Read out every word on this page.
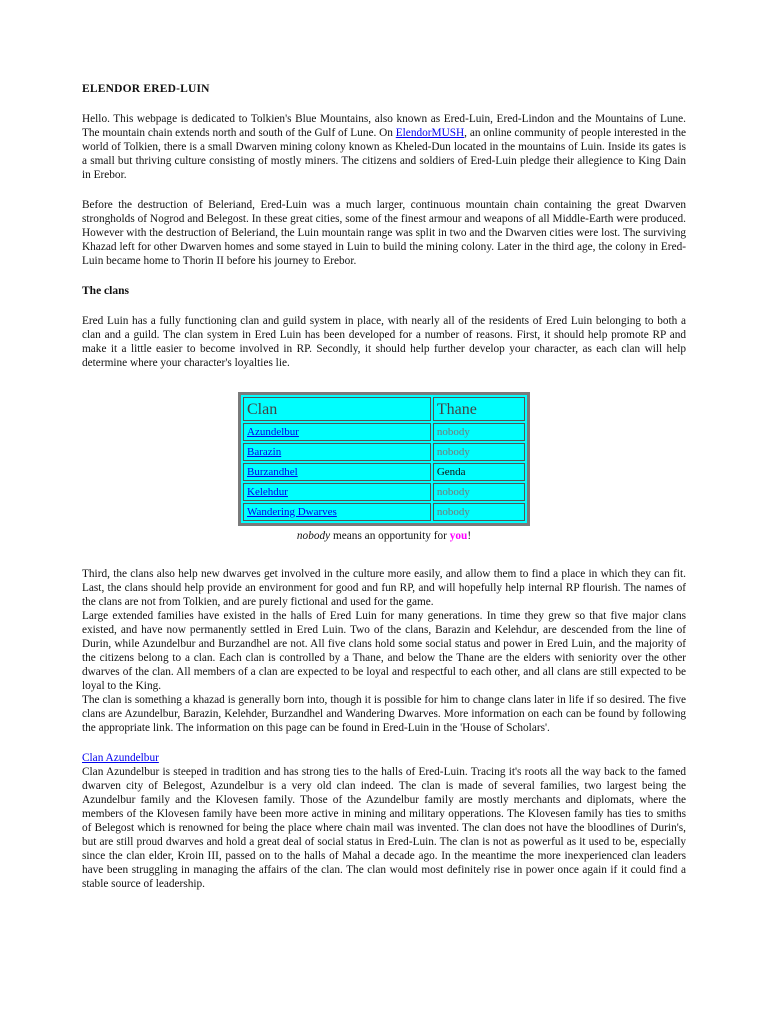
ELENDOR ERED-LUIN

Hello. This webpage is dedicated to Tolkien's Blue Mountains, also known as Ered-Luin, Ered-Lindon and the Mountains of Lune. The mountain chain extends north and south of the Gulf of Lune. On ElendorMUSH, an online community of people interested in the world of Tolkien, there is a small Dwarven mining colony known as Kheled-Dun located in the mountains of Luin. Inside its gates is a small but thriving culture consisting of mostly miners. The citizens and soldiers of Ered-Luin pledge their allegience to King Dain in Erebor.

Before the destruction of Beleriand, Ered-Luin was a much larger, continuous mountain chain containing the great Dwarven strongholds of Nogrod and Belegost. In these great cities, some of the finest armour and weapons of all Middle-Earth were produced. However with the destruction of Beleriand, the Luin mountain range was split in two and the Dwarven cities were lost. The surviving Khazad left for other Dwarven homes and some stayed in Luin to build the mining colony. Later in the third age, the colony in Ered-Luin became home to Thorin II before his journey to Erebor.

The clans

Ered Luin has a fully functioning clan and guild system in place, with nearly all of the residents of Ered Luin belonging to both a clan and a guild. The clan system in Ered Luin has been developed for a number of reasons. First, it should help promote RP and make it a little easier to become involved in RP. Secondly, it should help further develop your character, as each clan will help determine where your character's loyalties lie.

Clan	Thane
Azundelbur	nobody
Barazin	nobody
Burzandhel	Genda
Kelehdur	nobody
Wandering Dwarves	nobody
nobody means an opportunity for you!

Third, the clans also help new dwarves get involved in the culture more easily, and allow them to find a place in which they can fit. Last, the clans should help provide an environment for good and fun RP, and will hopefully help internal RP flourish. The names of the clans are not from Tolkien, and are purely fictional and used for the game.

Large extended families have existed in the halls of Ered Luin for many generations. In time they grew so that five major clans existed, and have now permanently settled in Ered Luin. Two of the clans, Barazin and Kelehdur, are descended from the line of Durin, while Azundelbur and Burzandhel are not. All five clans hold some social status and power in Ered Luin, and the majority of the citizens belong to a clan. Each clan is controlled by a Thane, and below the Thane are the elders with seniority over the other dwarves of the clan. All members of a clan are expected to be loyal and respectful to each other, and all clans are still expected to be loyal to the King.

The clan is something a khazad is generally born into, though it is possible for him to change clans later in life if so desired. The five clans are Azundelbur, Barazin, Kelehder, Burzandhel and Wandering Dwarves. More information on each can be found by following the appropriate link. The information on this page can be found in Ered-Luin in the 'House of Scholars'.

Clan Azundelbur

Clan Azundelbur is steeped in tradition and has strong ties to the halls of Ered-Luin. Tracing it's roots all the way back to the famed dwarven city of Belegost, Azundelbur is a very old clan indeed. The clan is made of several families, two largest being the Azundelbur family and the Klovesen family. Those of the Azundelbur family are mostly merchants and diplomats, where the members of the Klovesen family have been more active in mining and military opperations. The Klovesen family has ties to smiths of Belegost which is renowned for being the place where chain mail was invented. The clan does not have the bloodlines of Durin's, but are still proud dwarves and hold a great deal of social status in Ered-Luin. The clan is not as powerful as it used to be, especially since the clan elder, Kroin III, passed on to the halls of Mahal a decade ago. In the meantime the more inexperienced clan leaders have been struggling in managing the affairs of the clan. The clan would most definitely rise in power once again if it could find a stable source of leadership.
